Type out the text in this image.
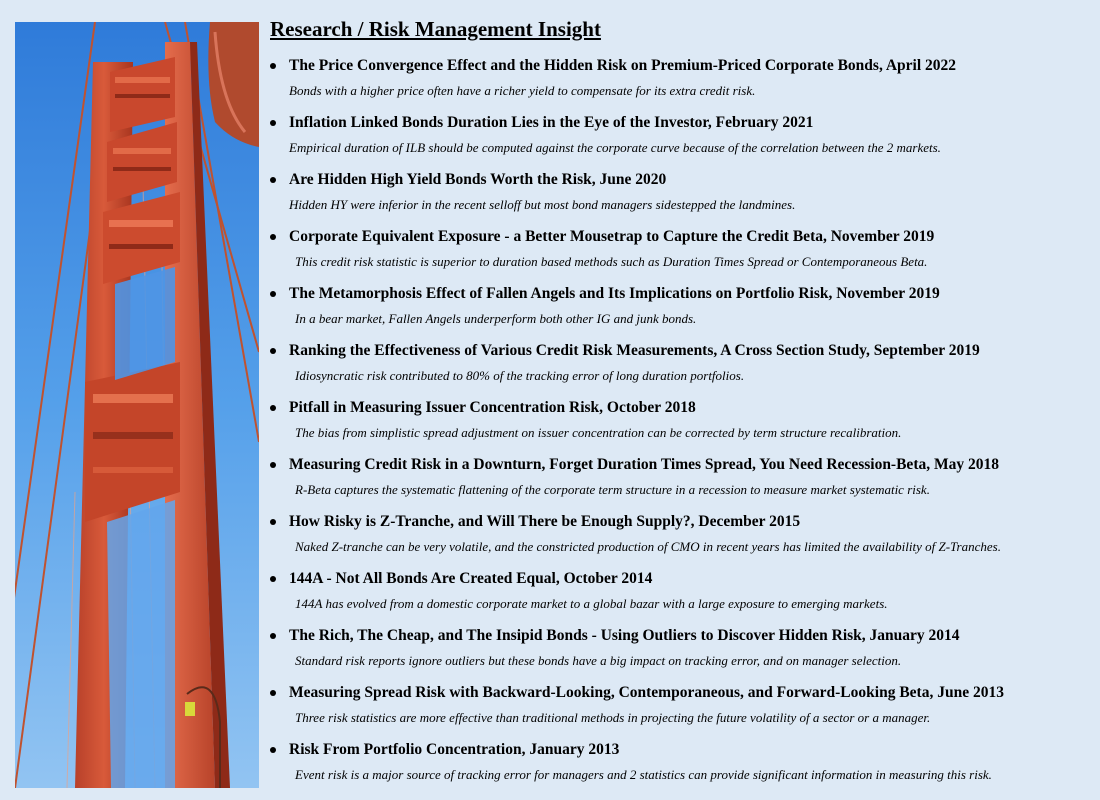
Research / Risk Management Insight
The Price Convergence Effect and the Hidden Risk on Premium-Priced Corporate Bonds, April 2022
Bonds with a higher price often have a richer yield to compensate for its extra credit risk.
Inflation Linked Bonds Duration Lies in the Eye of the Investor, February 2021
Empirical duration of ILB should be computed against the corporate curve because of the correlation between the 2 markets.
Are Hidden High Yield Bonds Worth the Risk, June 2020
Hidden HY were inferior in the recent selloff but most bond managers sidestepped the landmines.
Corporate Equivalent Exposure - a Better Mousetrap to Capture the Credit Beta, November 2019
This credit risk statistic is superior to duration based methods such as Duration Times Spread or Contemporaneous Beta.
The Metamorphosis Effect of Fallen Angels and Its Implications on Portfolio Risk, November 2019
In a bear market, Fallen Angels underperform both other IG and junk bonds.
Ranking the Effectiveness of Various Credit Risk Measurements, A Cross Section Study, September 2019
Idiosyncratic risk contributed to 80% of the tracking error of long duration portfolios.
Pitfall in Measuring Issuer Concentration Risk, October 2018
The bias from simplistic spread adjustment on issuer concentration can be corrected by term structure recalibration.
Measuring Credit Risk in a Downturn, Forget Duration Times Spread, You Need Recession-Beta, May 2018
R-Beta captures the systematic flattening of the corporate term structure in a recession to measure market systematic risk.
How Risky is Z-Tranche, and Will There be Enough Supply?, December 2015
Naked Z-tranche can be very volatile, and the constricted production of CMO in recent years has limited the availability of Z-Tranches.
144A - Not All Bonds Are Created Equal, October 2014
144A has evolved from a domestic corporate market to a global bazar with a large exposure to emerging markets.
The Rich, The Cheap, and The Insipid Bonds - Using Outliers to Discover Hidden Risk, January 2014
Standard risk reports ignore outliers but these bonds have a big impact on tracking error, and on manager selection.
Measuring Spread Risk with Backward-Looking, Contemporaneous, and Forward-Looking Beta, June 2013
Three risk statistics are more effective than traditional methods in projecting the future volatility of a sector or a manager.
Risk From Portfolio Concentration, January 2013
Event risk is a major source of tracking error for managers and 2 statistics can provide significant information in measuring this risk.
